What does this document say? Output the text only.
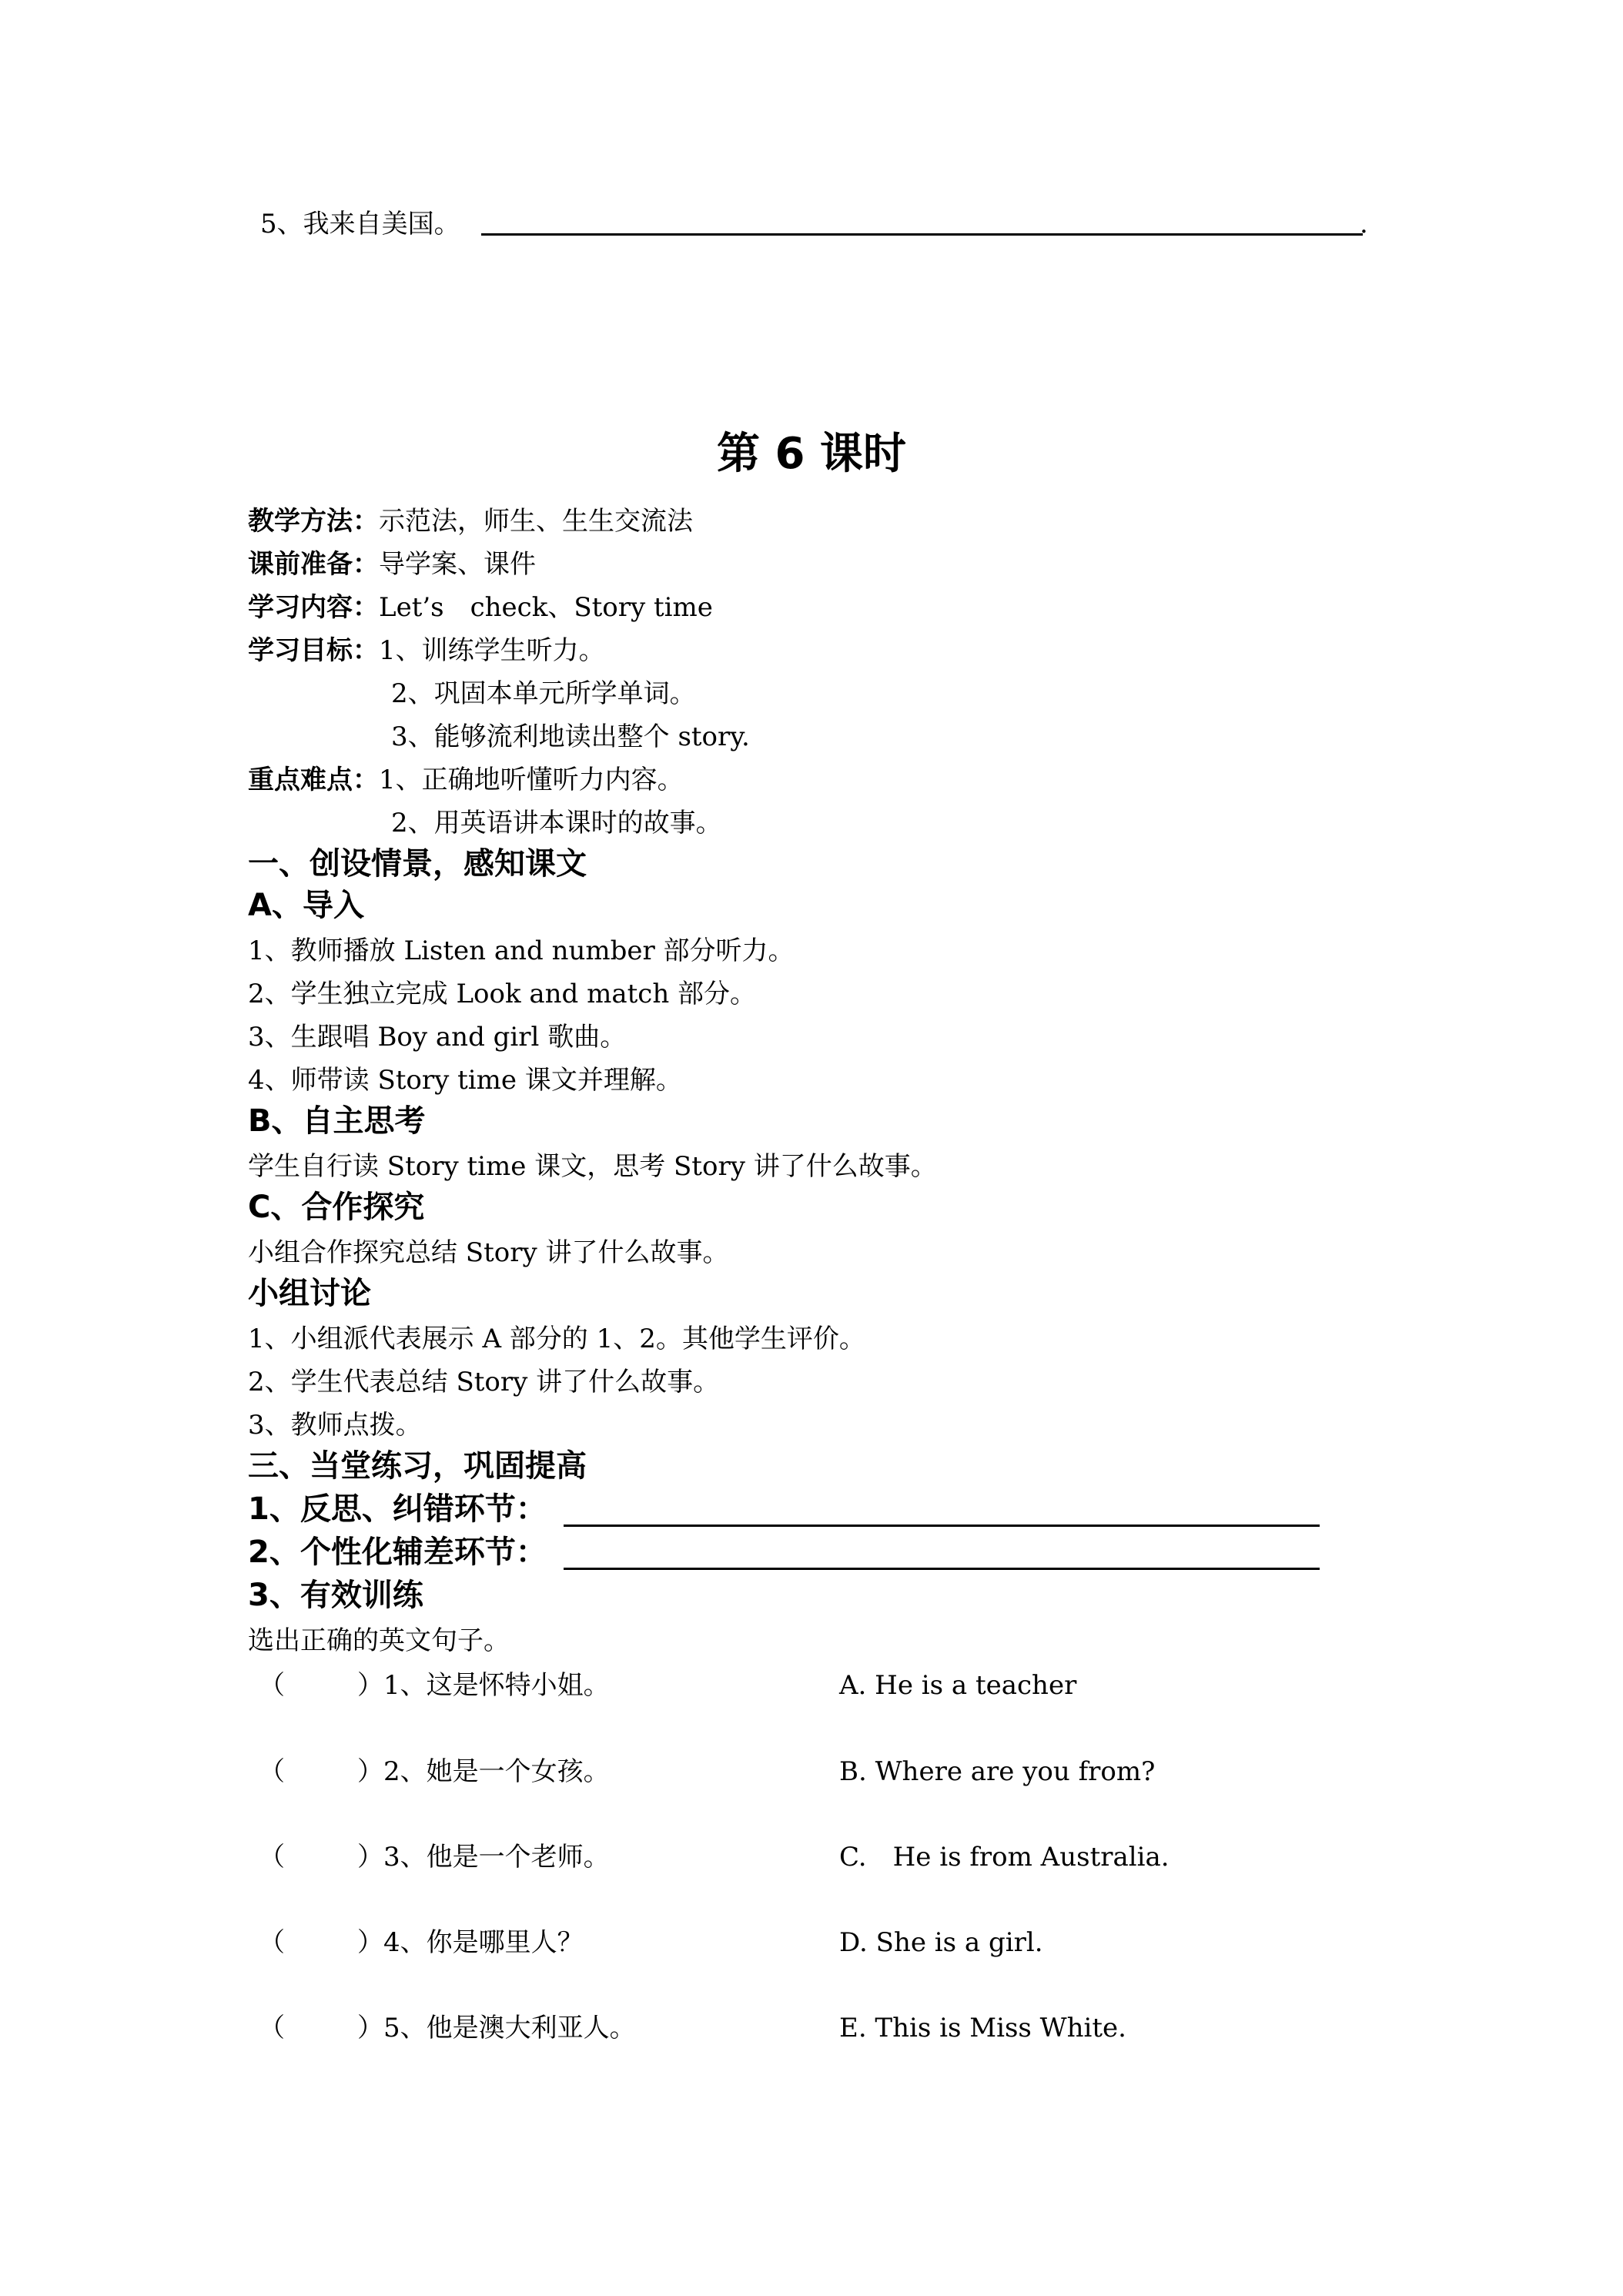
5、我来自美国。	.
第 6 课时
教学方法：示范法，师生、生生交流法
课前准备：导学案、课件
学习内容：Let’s　check、Story time
学习目标：1、训练学生听力。
2、巩固本单元所学单词。
3、能够流利地读出整个 story.
重点难点：1、正确地听懂听力内容。
2、用英语讲本课时的故事。
一、创设情景，感知课文
A、导入
1、教师播放 Listen and number 部分听力。
2、学生独立完成 Look and match 部分。
3、生跟唱 Boy and girl 歌曲。
4、师带读 Story time 课文并理解。
B、自主思考
学生自行读 Story time 课文，思考 Story 讲了什么故事。
C、合作探究
小组合作探究总结 Story 讲了什么故事。
小组讨论
1、小组派代表展示 A 部分的 1、2。其他学生评价。
2、学生代表总结 Story 讲了什么故事。
3、教师点拨。
三、当堂练习，巩固提高
1、反思、纠错环节：
2、个性化辅差环节：
3、有效训练
选出正确的英文句子。
（	）1、这是怀特小姐。	A. He is a teacher
（	）2、她是一个女孩。	B. Where are you from?
（	）3、他是一个老师。	C.　He is from Australia.
（	）4、你是哪里人？	D. She is a girl.
（	）5、他是澳大利亚人。	E. This is Miss White.
